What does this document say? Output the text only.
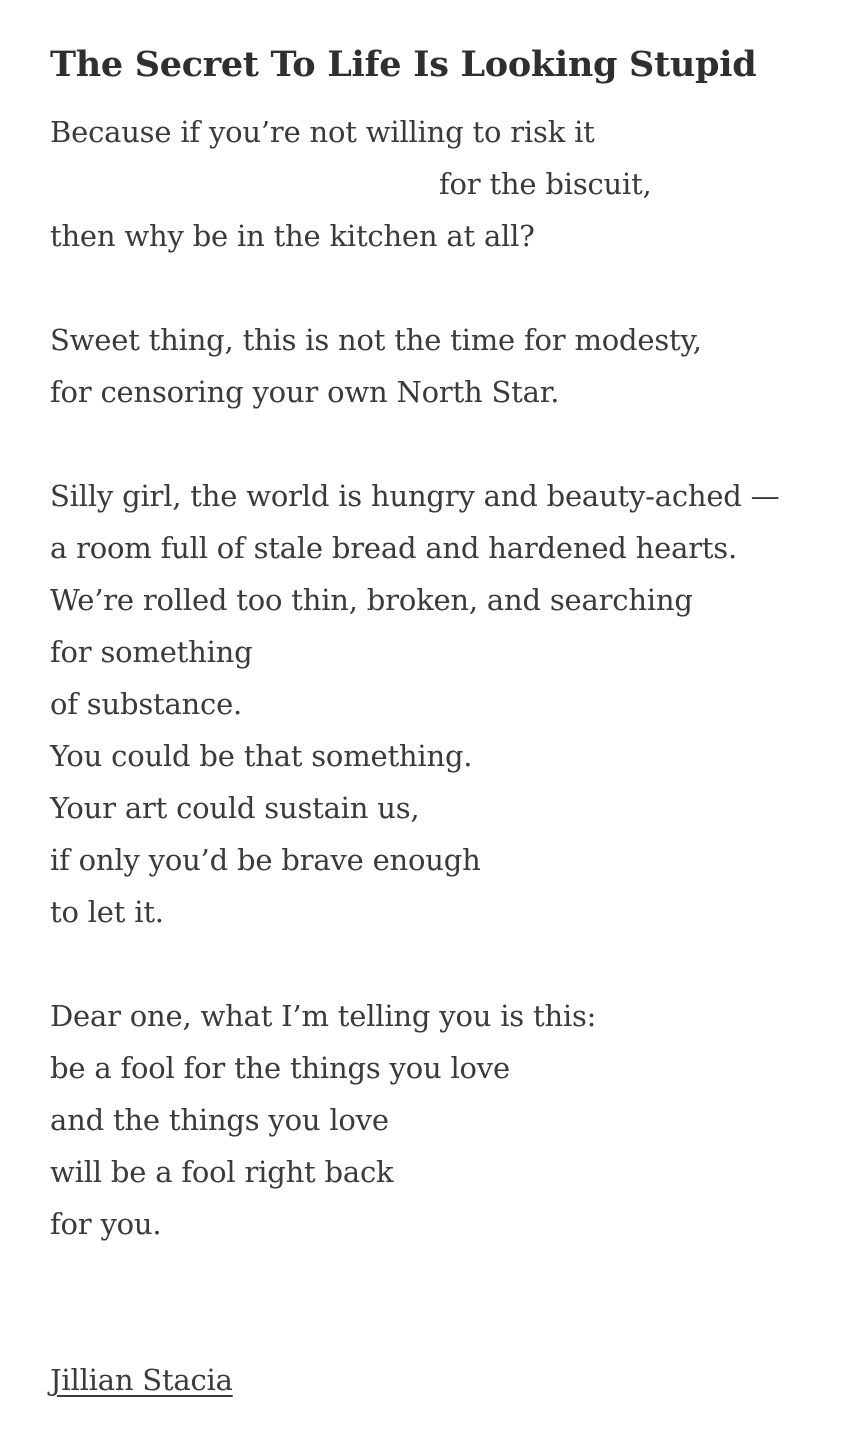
The Secret To Life Is Looking Stupid
Because if you’re not willing to risk it
for the biscuit,
then why be in the kitchen at all?
Sweet thing, this is not the time for modesty,
for censoring your own North Star.
Silly girl, the world is hungry and beauty-ached —
a room full of stale bread and hardened hearts.
We’re rolled too thin, broken, and searching
for something
of substance.
You could be that something.
Your art could sustain us,
if only you’d be brave enough
to let it.
Dear one, what I’m telling you is this:
be a fool for the things you love
and the things you love
will be a fool right back
for you.
Jillian Stacia
